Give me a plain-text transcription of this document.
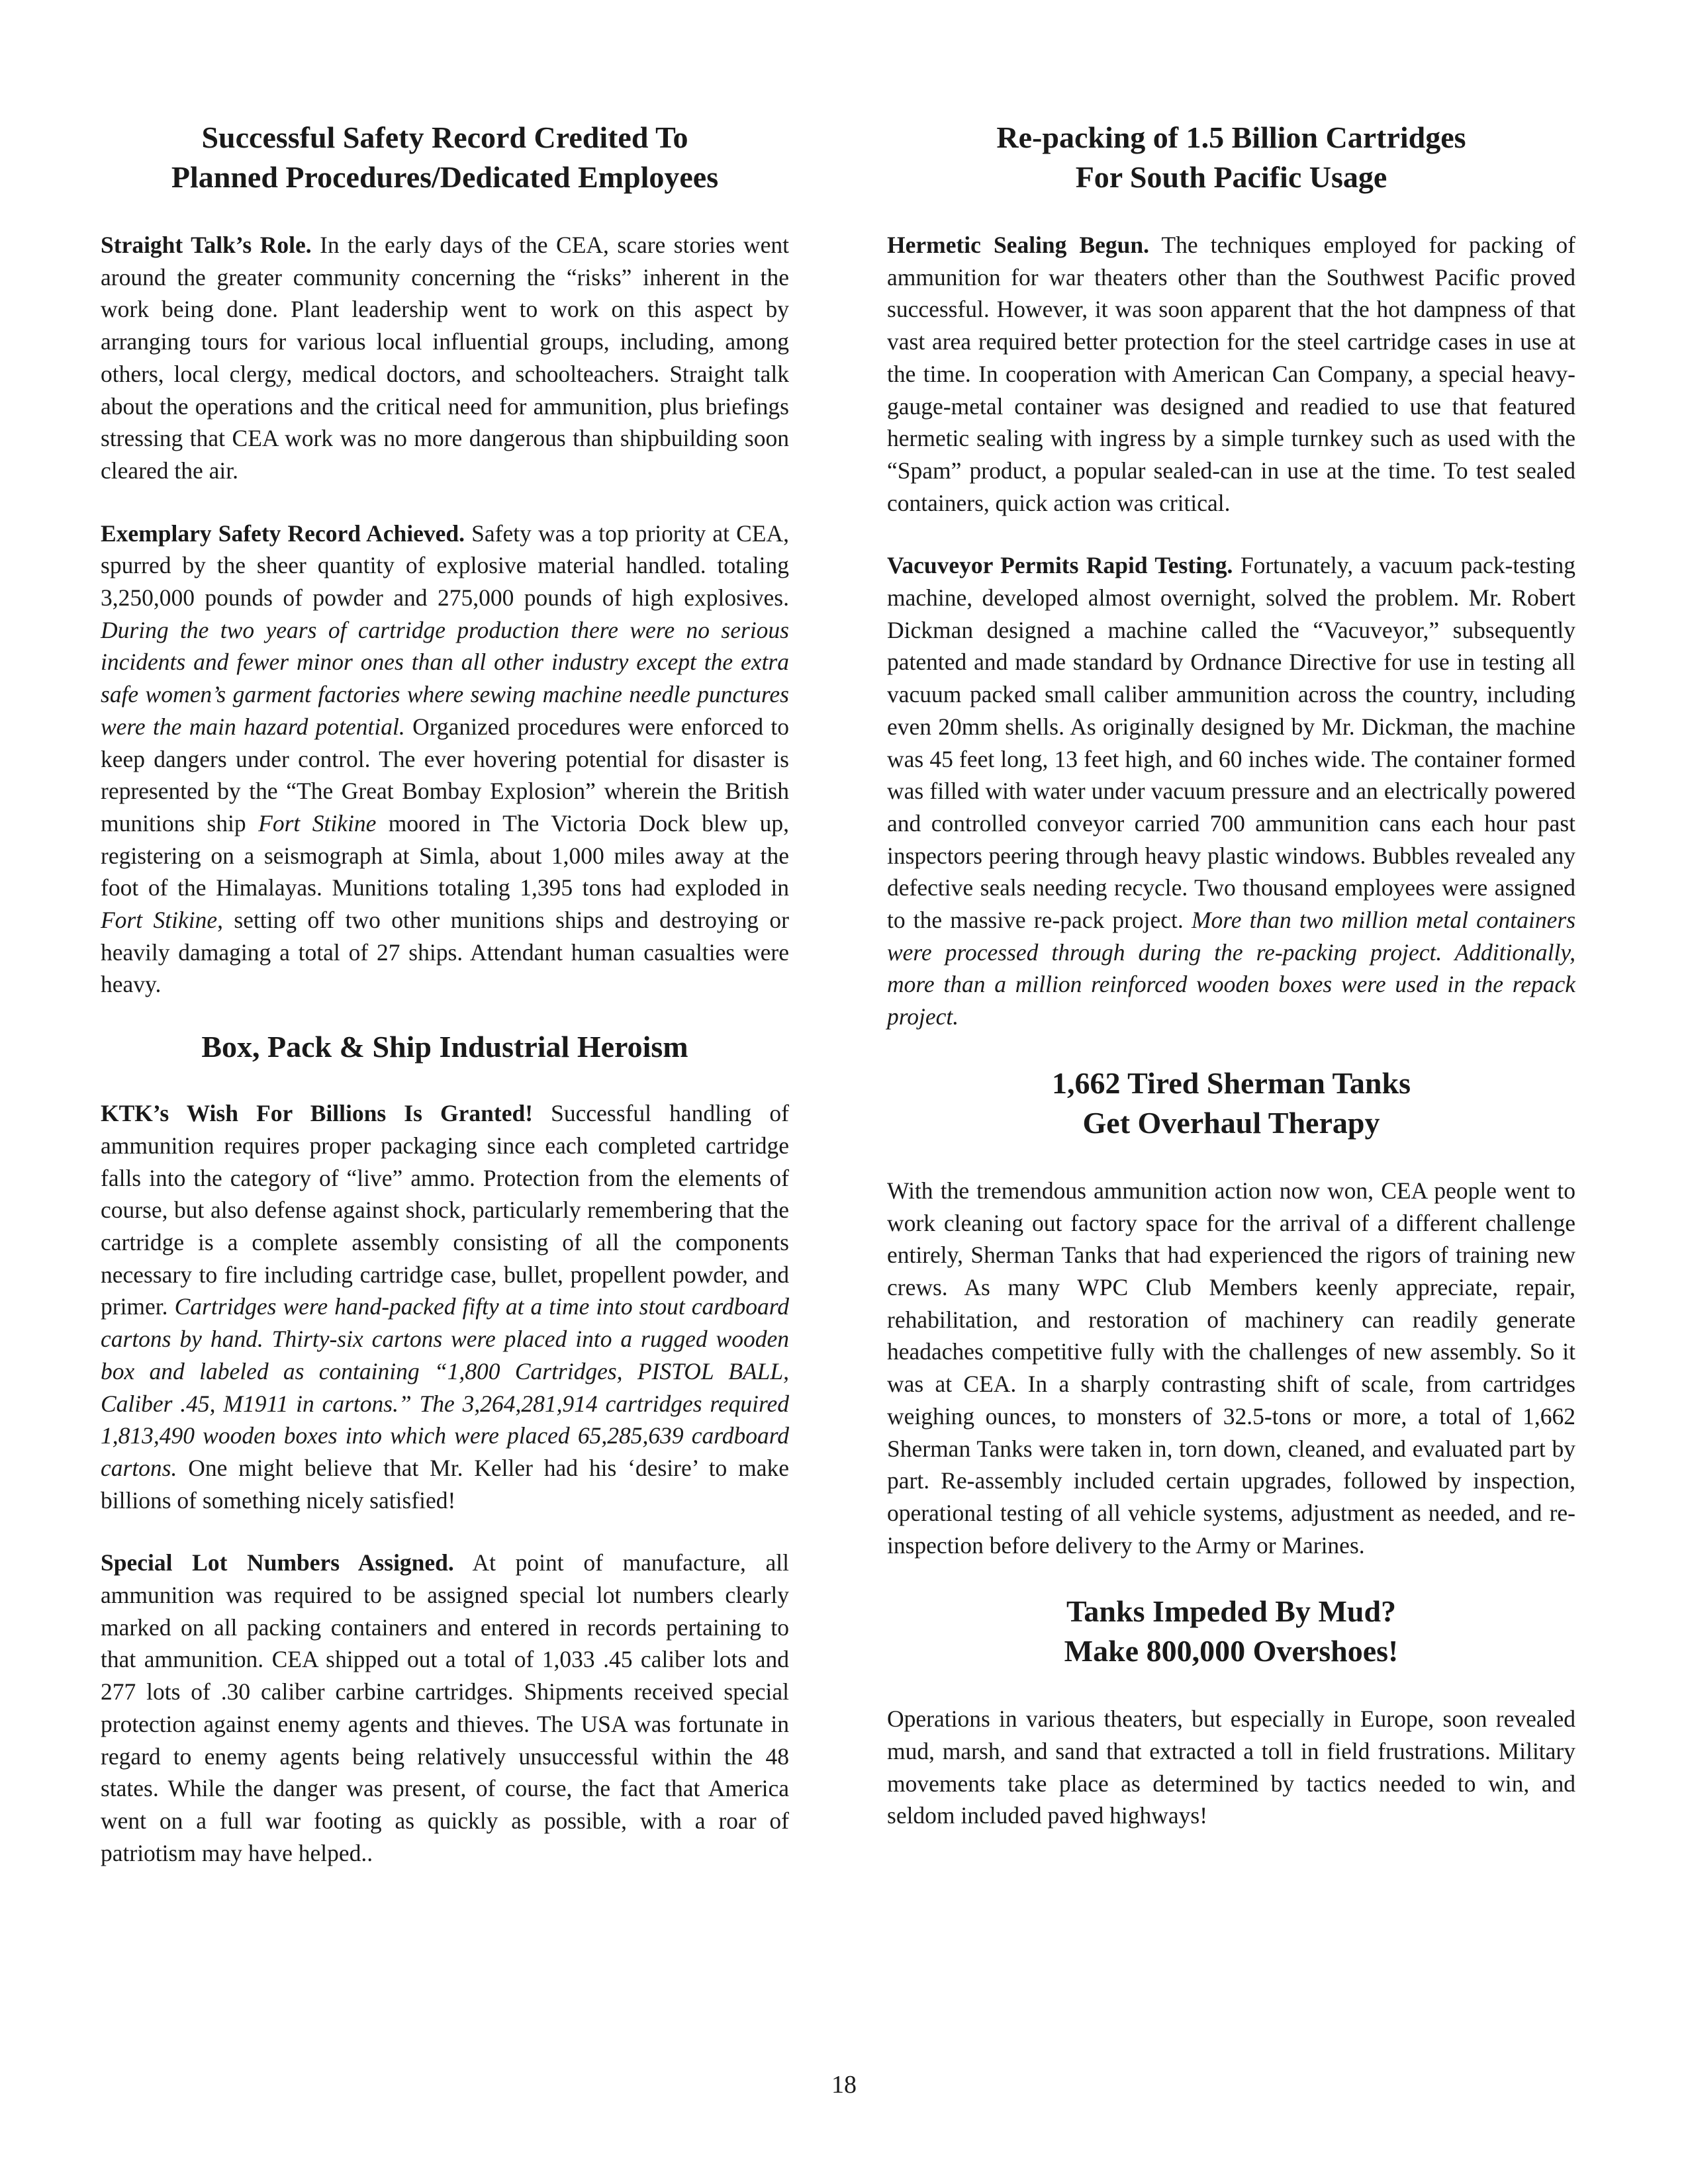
Successful Safety Record Credited To
Planned Procedures/Dedicated Employees

Straight Talk’s Role. In the early days of the CEA, scare stories went around the greater community concerning the “risks” inherent in the work being done. Plant leadership went to work on this aspect by arranging tours for various local influential groups, including, among others, local clergy, medical doctors, and schoolteachers. Straight talk about the operations and the critical need for ammunition, plus briefings stressing that CEA work was no more dangerous than shipbuilding soon cleared the air.

Exemplary Safety Record Achieved. Safety was a top priority at CEA, spurred by the sheer quantity of explosive material handled. totaling 3,250,000 pounds of powder and 275,000 pounds of high explosives. During the two years of cartridge production there were no serious incidents and fewer minor ones than all other industry except the extra safe women’s garment factories where sewing machine needle punctures were the main hazard potential. Organized procedures were enforced to keep dangers under control. The ever hovering potential for disaster is represented by the “The Great Bombay Explosion” wherein the British munitions ship Fort Stikine moored in The Victoria Dock blew up, registering on a seismograph at Simla, about 1,000 miles away at the foot of the Himalayas. Munitions totaling 1,395 tons had exploded in Fort Stikine, setting off two other munitions ships and destroying or heavily damaging a total of 27 ships. Attendant human casualties were heavy.

Box, Pack & Ship Industrial Heroism

KTK’s Wish For Billions Is Granted! Successful handling of ammunition requires proper packaging since each completed cartridge falls into the category of “live” ammo. Protection from the elements of course, but also defense against shock, particularly remembering that the cartridge is a complete assembly consisting of all the components necessary to fire including cartridge case, bullet, propellent powder, and primer. Cartridges were hand-packed fifty at a time into stout cardboard cartons by hand. Thirty-six cartons were placed into a rugged wooden box and labeled as containing “1,800 Cartridges, PISTOL BALL, Caliber .45, M1911 in cartons.” The 3,264,281,914 cartridges required 1,813,490 wooden boxes into which were placed 65,285,639 cardboard cartons. One might believe that Mr. Keller had his ‘desire’ to make billions of something nicely satisfied!

Special Lot Numbers Assigned. At point of manufacture, all ammunition was required to be assigned special lot numbers clearly marked on all packing containers and entered in records pertaining to that ammunition. CEA shipped out a total of 1,033 .45 caliber lots and 277 lots of .30 caliber carbine cartridges. Shipments received special protection against enemy agents and thieves. The USA was fortunate in regard to enemy agents being relatively unsuccessful within the 48 states. While the danger was present, of course, the fact that America went on a full war footing as quickly as possible, with a roar of patriotism may have helped..

Re-packing of 1.5 Billion Cartridges
For South Pacific Usage

Hermetic Sealing Begun. The techniques employed for packing of ammunition for war theaters other than the Southwest Pacific proved successful. However, it was soon apparent that the hot dampness of that vast area required better protection for the steel cartridge cases in use at the time. In cooperation with American Can Company, a special heavy-gauge-metal container was designed and readied to use that featured hermetic sealing with ingress by a simple turnkey such as used with the “Spam” product, a popular sealed-can in use at the time. To test sealed containers, quick action was critical.

Vacuveyor Permits Rapid Testing. Fortunately, a vacuum pack-testing machine, developed almost overnight, solved the problem. Mr. Robert Dickman designed a machine called the “Vacuveyor,” subsequently patented and made standard by Ordnance Directive for use in testing all vacuum packed small caliber ammunition across the country, including even 20mm shells. As originally designed by Mr. Dickman, the machine was 45 feet long, 13 feet high, and 60 inches wide. The container formed was filled with water under vacuum pressure and an electrically powered and controlled conveyor carried 700 ammunition cans each hour past inspectors peering through heavy plastic windows. Bubbles revealed any defective seals needing recycle. Two thousand employees were assigned to the massive re-pack project. More than two million metal containers were processed through during the re-packing project. Additionally, more than a million reinforced wooden boxes were used in the repack project.

1,662 Tired Sherman Tanks
Get Overhaul Therapy

With the tremendous ammunition action now won, CEA people went to work cleaning out factory space for the arrival of a different challenge entirely, Sherman Tanks that had experienced the rigors of training new crews. As many WPC Club Members keenly appreciate, repair, rehabilitation, and restoration of machinery can readily generate headaches competitive fully with the challenges of new assembly. So it was at CEA. In a sharply contrasting shift of scale, from cartridges weighing ounces, to monsters of 32.5-tons or more, a total of 1,662 Sherman Tanks were taken in, torn down, cleaned, and evaluated part by part. Re-assembly included certain upgrades, followed by inspection, operational testing of all vehicle systems, adjustment as needed, and re-inspection before delivery to the Army or Marines.

Tanks Impeded By Mud?
Make 800,000 Overshoes!

Operations in various theaters, but especially in Europe, soon revealed mud, marsh, and sand that extracted a toll in field frustrations. Military movements take place as determined by tactics needed to win, and seldom included paved highways!

18
